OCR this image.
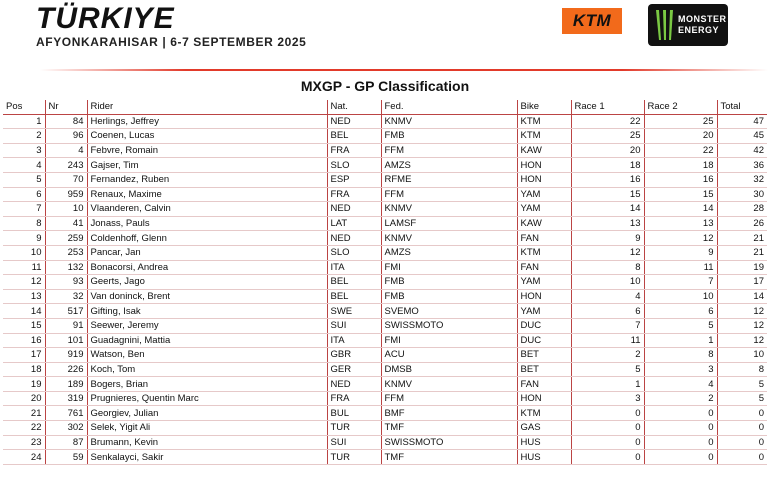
TÜRKIYE
AFYONKARAHISAR | 6-7 SEPTEMBER 2025
KTM	MONSTER ENERGY
MXGP - GP Classification
Pos	Nr	Rider	Nat.	Fed.	Bike	Race 1	Race 2	Total
1	84	Herlings, Jeffrey	NED	KNMV	KTM	22	25	47
2	96	Coenen, Lucas	BEL	FMB	KTM	25	20	45
3	4	Febvre, Romain	FRA	FFM	KAW	20	22	42
4	243	Gajser, Tim	SLO	AMZS	HON	18	18	36
5	70	Fernandez, Ruben	ESP	RFME	HON	16	16	32
6	959	Renaux, Maxime	FRA	FFM	YAM	15	15	30
7	10	Vlaanderen, Calvin	NED	KNMV	YAM	14	14	28
8	41	Jonass, Pauls	LAT	LAMSF	KAW	13	13	26
9	259	Coldenhoff, Glenn	NED	KNMV	FAN	9	12	21
10	253	Pancar, Jan	SLO	AMZS	KTM	12	9	21
11	132	Bonacorsi, Andrea	ITA	FMI	FAN	8	11	19
12	93	Geerts, Jago	BEL	FMB	YAM	10	7	17
13	32	Van doninck, Brent	BEL	FMB	HON	4	10	14
14	517	Gifting, Isak	SWE	SVEMO	YAM	6	6	12
15	91	Seewer, Jeremy	SUI	SWISSMOTO	DUC	7	5	12
16	101	Guadagnini, Mattia	ITA	FMI	DUC	11	1	12
17	919	Watson, Ben	GBR	ACU	BET	2	8	10
18	226	Koch, Tom	GER	DMSB	BET	5	3	8
19	189	Bogers, Brian	NED	KNMV	FAN	1	4	5
20	319	Prugnieres, Quentin Marc	FRA	FFM	HON	3	2	5
21	761	Georgiev, Julian	BUL	BMF	KTM	0	0	0
22	302	Selek, Yigit Ali	TUR	TMF	GAS	0	0	0
23	87	Brumann, Kevin	SUI	SWISSMOTO	HUS	0	0	0
24	59	Senkalayci, Sakir	TUR	TMF	HUS	0	0	0
